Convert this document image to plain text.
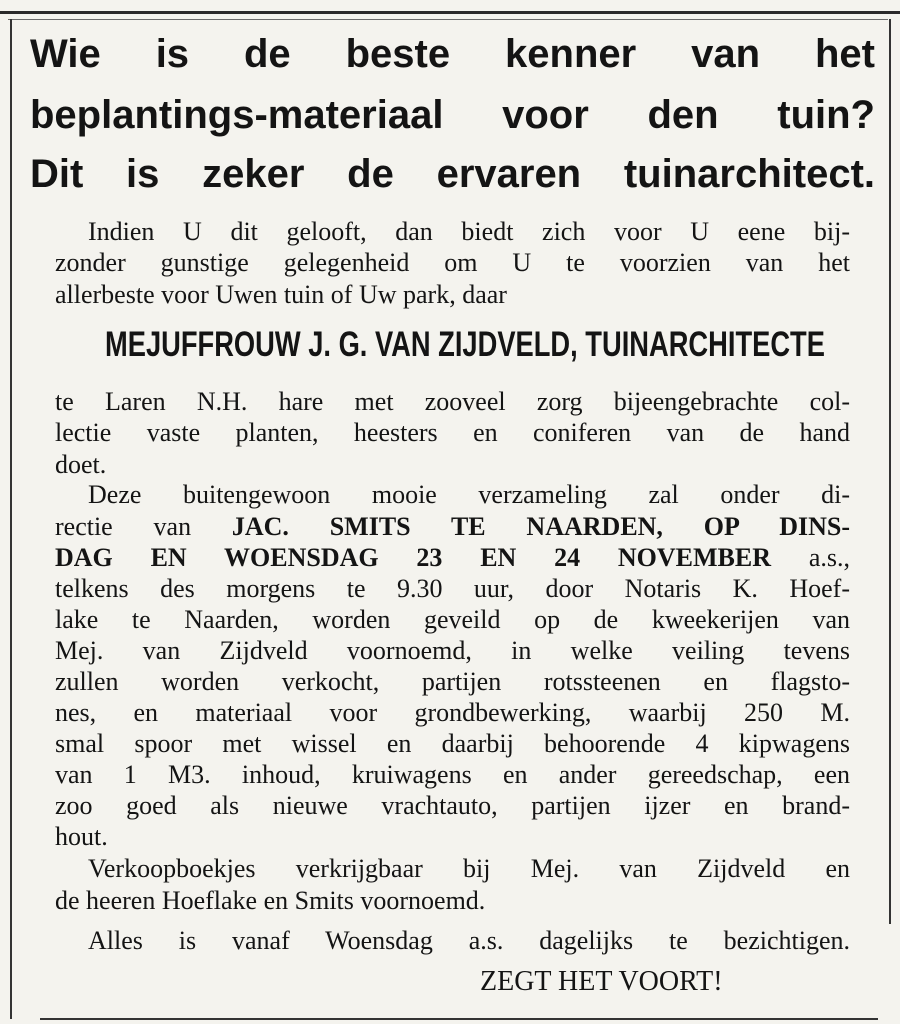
Wie is de beste kenner van het
beplantings-materiaal voor den tuin?
Dit is zeker de ervaren tuinarchitect.
Indien U dit gelooft, dan biedt zich voor U eene bij-
zonder gunstige gelegenheid om U te voorzien van het
allerbeste voor Uwen tuin of Uw park, daar
MEJUFFROUW J. G. VAN ZIJDVELD, TUINARCHITECTE
te Laren N.H. hare met zooveel zorg bijeengebrachte col-
lectie vaste planten, heesters en coniferen van de hand
doet.
Deze buitengewoon mooie verzameling zal onder di-
rectie van JAC. SMITS TE NAARDEN, OP DINS-
DAG EN WOENSDAG 23 EN 24 NOVEMBER a.s.,
telkens des morgens te 9.30 uur, door Notaris K. Hoef-
lake te Naarden, worden geveild op de kweekerijen van
Mej. van Zijdveld voornoemd, in welke veiling tevens
zullen worden verkocht, partijen rotssteenen en flagsto-
nes, en materiaal voor grondbewerking, waarbij 250 M.
smal spoor met wissel en daarbij behoorende 4 kipwagens
van 1 M3. inhoud, kruiwagens en ander gereedschap, een
zoo goed als nieuwe vrachtauto, partijen ijzer en brand-
hout.
Verkoopboekjes verkrijgbaar bij Mej. van Zijdveld en
de heeren Hoeflake en Smits voornoemd.
Alles is vanaf Woensdag a.s. dagelijks te bezichtigen.
ZEGT HET VOORT!
